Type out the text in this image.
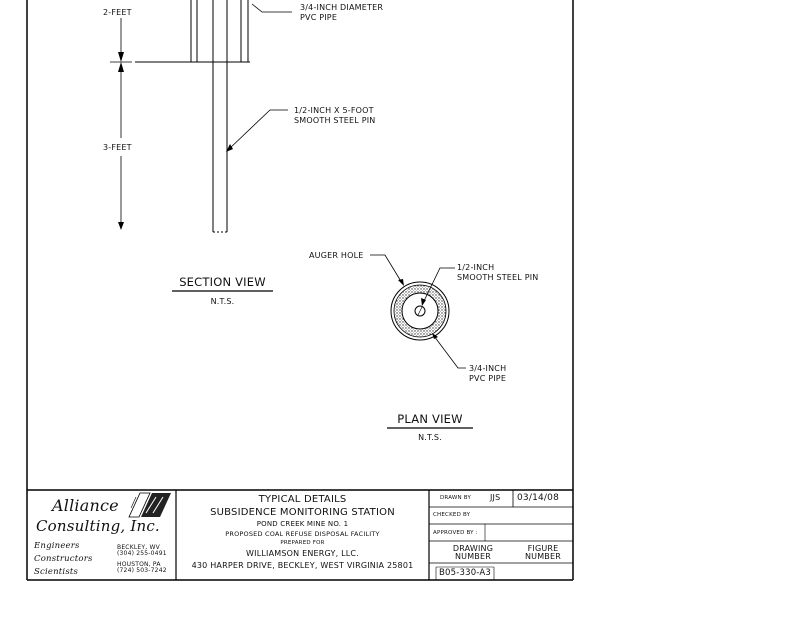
2-FEET
3-FEET
3/4-INCH DIAMETER
PVC PIPE
1/2-INCH X 5-FOOT
SMOOTH STEEL PIN
SECTION VIEW
N.T.S.
AUGER HOLE
1/2-INCH
SMOOTH STEEL PIN
3/4-INCH
PVC PIPE
PLAN VIEW
N.T.S.
Alliance
Consulting, Inc.
Engineers
Constructors
Scientists
BECKLEY, WV
(304) 255-0491
HOUSTON, PA
(724) 503-7242
TYPICAL DETAILS
SUBSIDENCE MONITORING STATION
POND CREEK MINE NO. 1
PROPOSED COAL REFUSE DISPOSAL FACILITY
PREPARED FOR
WILLIAMSON ENERGY, LLC.
430 HARPER DRIVE, BECKLEY, WEST VIRGINIA 25801
DRAWN BY JJS 03/14/08
CHECKED BY
APPROVED BY :
DRAWING
NUMBER
FIGURE
NUMBER
B05-330-A3
